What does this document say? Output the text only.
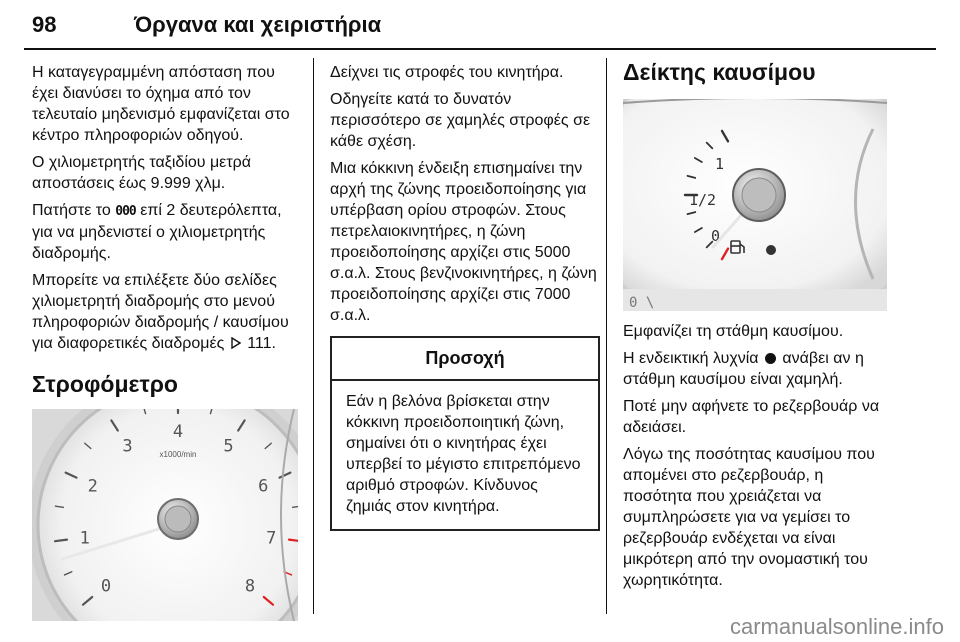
98	Όργανα και χειριστήρια

Η καταγεγραμμένη απόσταση που έχει διανύσει το όχημα από τον τελευταίο μηδενισμό εμφανίζεται στο κέντρο πληροφοριών οδηγού.

Ο χιλιομετρητής ταξιδίου μετρά αποστάσεις έως 9.999 χλμ.

Πατήστε το 000 επί 2 δευτερόλεπτα, για να μηδενιστεί ο χιλιομετρητής διαδρομής.

Μπορείτε να επιλέξετε δύο σελίδες χιλιομετρητή διαδρομής στο μενού πληροφοριών διαδρομής / καυσίμου για διαφορετικές διαδρομές 111.

Στροφόμετρο
0
1
2
3
4
5
6
7
8
x1000/min

Δείχνει τις στροφές του κινητήρα.

Οδηγείτε κατά το δυνατόν περισσότερο σε χαμηλές στροφές σε κάθε σχέση.

Μια κόκκινη ένδειξη επισημαίνει την αρχή της ζώνης προειδοποίησης για υπέρβαση ορίου στροφών. Στους πετρελαιοκινητήρες, η ζώνη προειδοποίησης αρχίζει στις 5000 σ.α.λ. Στους βενζινοκινητήρες, η ζώνη προειδοποίησης αρχίζει στις 7000 σ.α.λ.

Προσοχή
Εάν η βελόνα βρίσκεται στην κόκκινη προειδοποιητική ζώνη, σημαίνει ότι ο κινητήρας έχει υπερβεί το μέγιστο επιτρεπόμενο αριθμό στροφών. Κίνδυνος ζημιάς στον κινητήρα.
Δείκτης καυσίμου
1
1/2
0
0 \

Εμφανίζει τη στάθμη καυσίμου.

Η ενδεικτική λυχνία ανάβει αν η στάθμη καυσίμου είναι χαμηλή.

Ποτέ μην αφήνετε το ρεζερβουάρ να αδειάσει.

Λόγω της ποσότητας καυσίμου που απομένει στο ρεζερβουάρ, η ποσότητα που χρειάζεται να συμπληρώσετε για να γεμίσει το ρεζερβουάρ ενδέχεται να είναι μικρότερη από την ονομαστική του χωρητικότητα.

carmanualsonline.info
